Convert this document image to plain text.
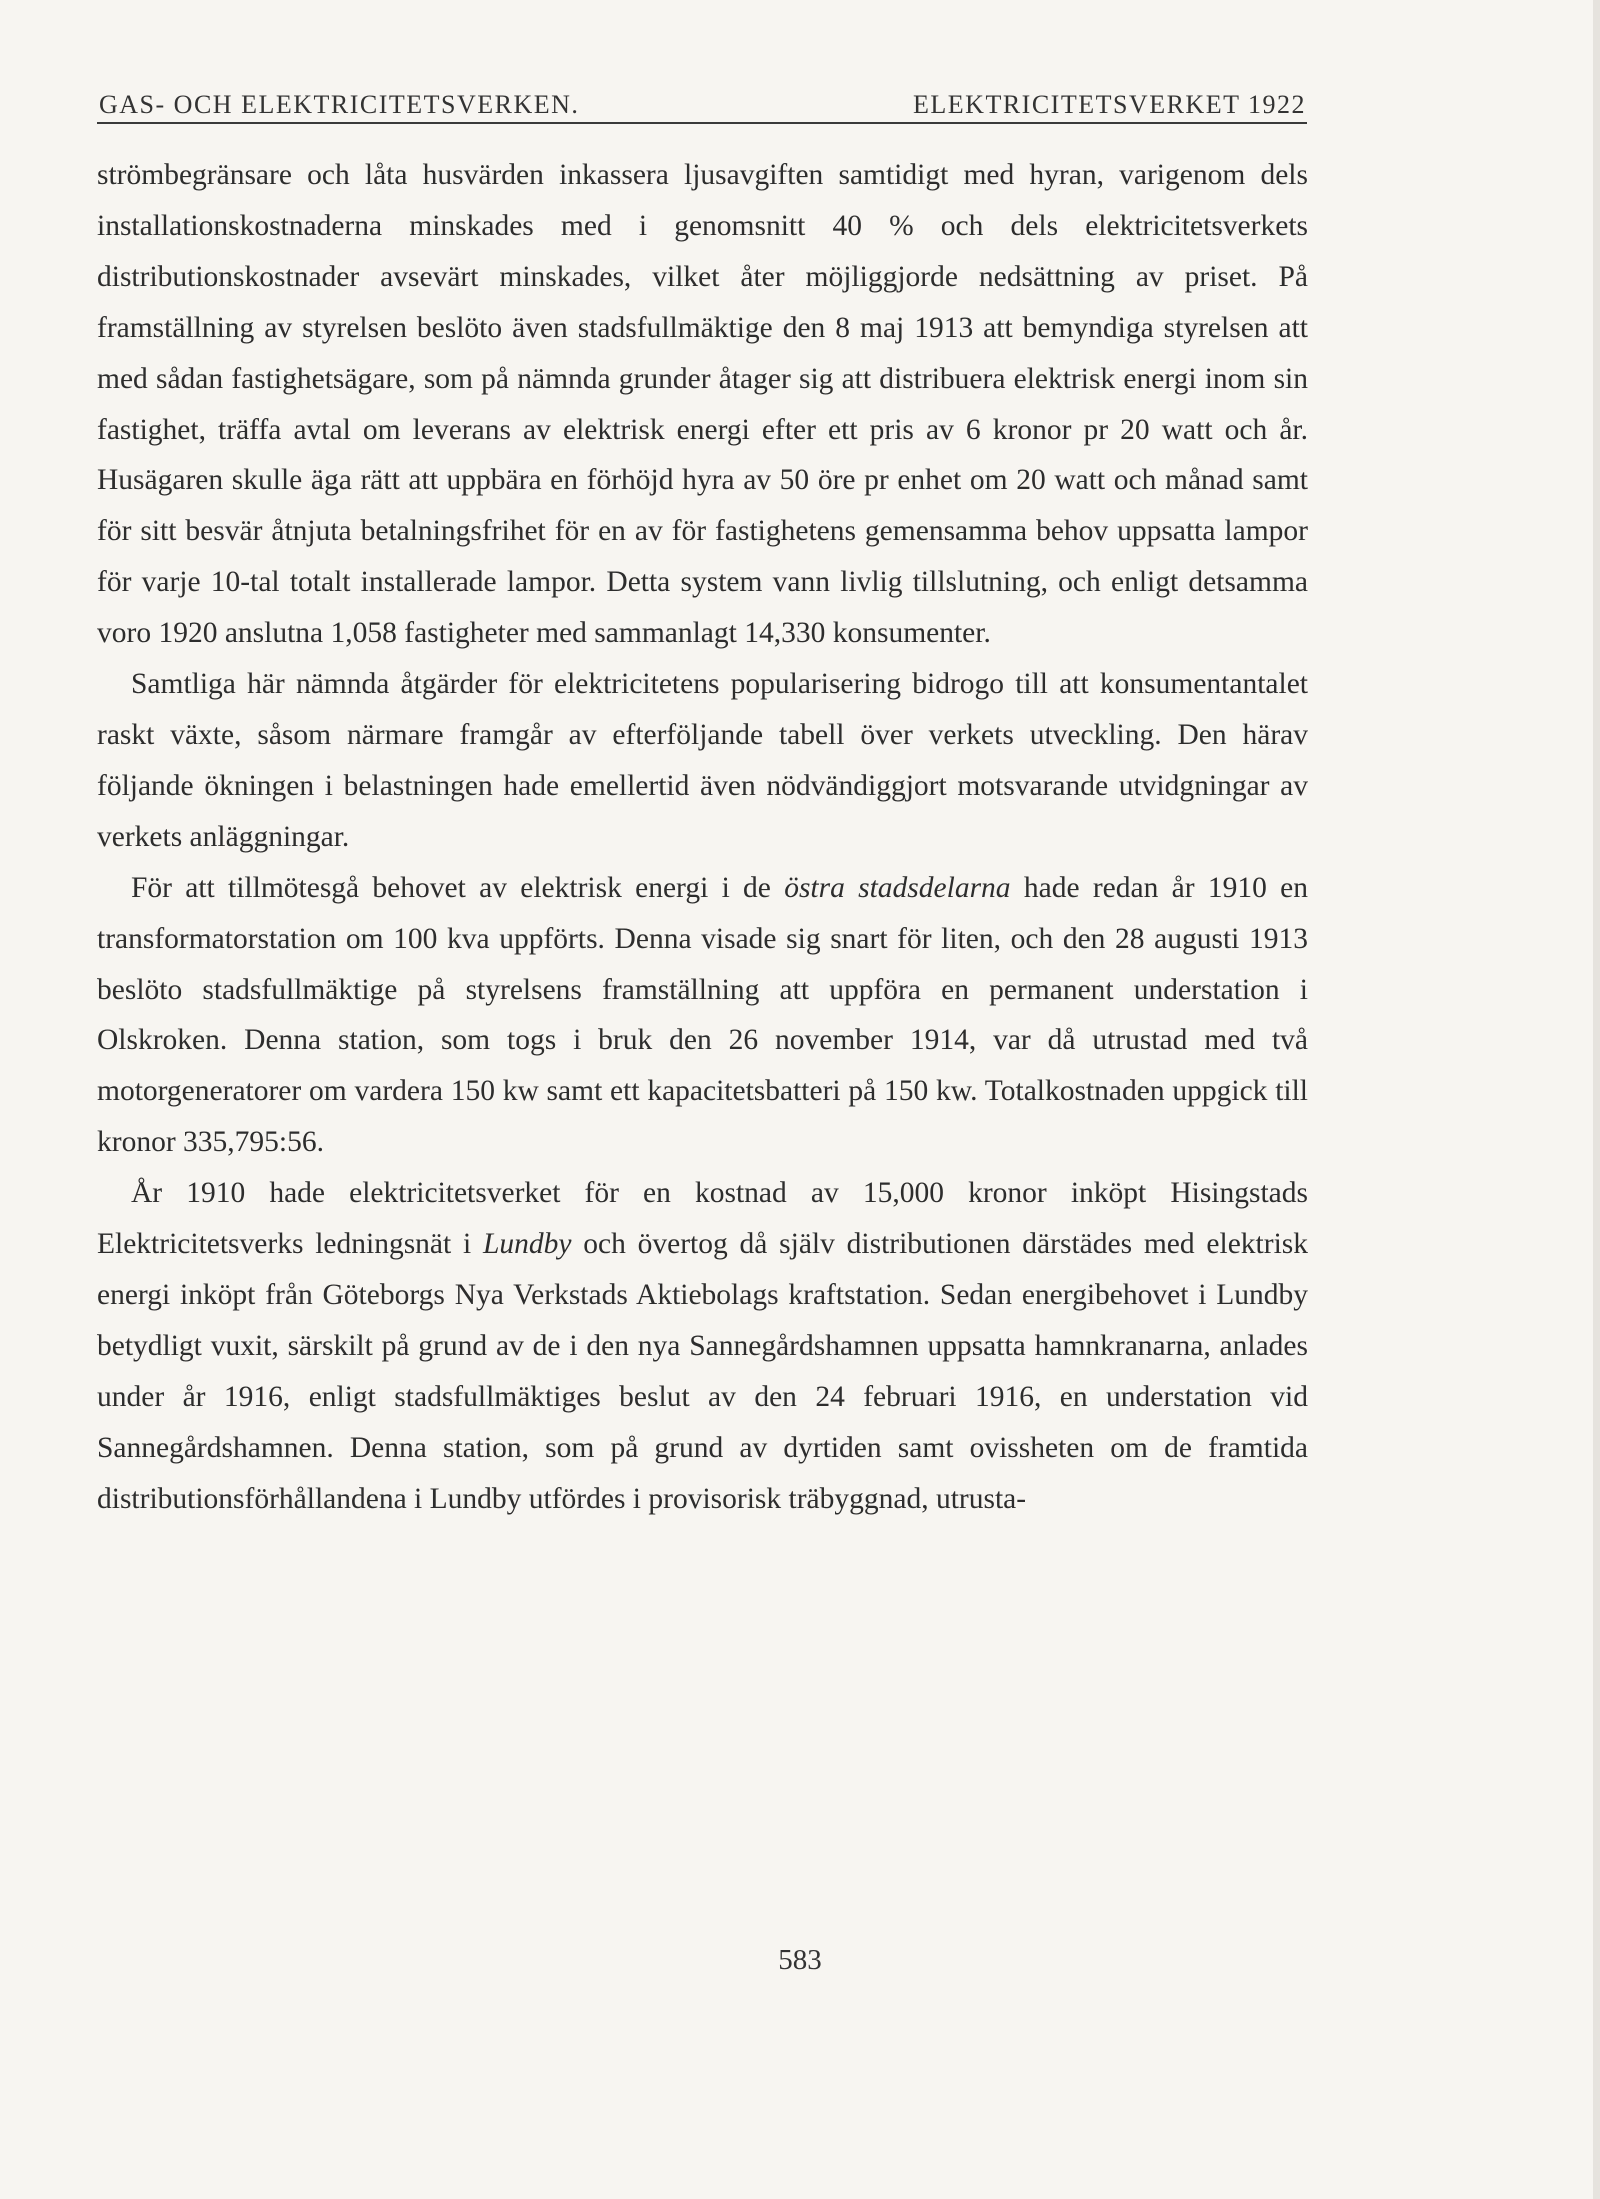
GAS- OCH ELEKTRICITETSVERKEN.	ELEKTRICITETSVERKET 1922

strömbegränsare och låta husvärden inkassera ljusavgiften samtidigt med hyran, varigenom dels installationskostnaderna minskades med i genomsnitt 40 % och dels elektricitetsverkets distributionskostnader avsevärt minskades, vilket åter möjliggjorde nedsättning av priset. På framställning av styrelsen beslöto även stadsfullmäktige den 8 maj 1913 att bemyndiga styrelsen att med sådan fastighetsägare, som på nämnda grunder åtager sig att distribuera elektrisk energi inom sin fastighet, träffa avtal om leverans av elektrisk energi efter ett pris av 6 kronor pr 20 watt och år. Husägaren skulle äga rätt att uppbära en förhöjd hyra av 50 öre pr enhet om 20 watt och månad samt för sitt besvär åtnjuta betalningsfrihet för en av för fastighetens gemensamma behov uppsatta lampor för varje 10-tal totalt installerade lampor. Detta system vann livlig tillslutning, och enligt detsamma voro 1920 anslutna 1,058 fastigheter med sammanlagt 14,330 konsumenter.

Samtliga här nämnda åtgärder för elektricitetens popularisering bidrogo till att konsumentantalet raskt växte, såsom närmare framgår av efterföljande tabell över verkets utveckling. Den härav följande ökningen i belastningen hade emellertid även nödvändiggjort motsvarande utvidgningar av verkets anläggningar.

För att tillmötesgå behovet av elektrisk energi i de östra stadsdelarna hade redan år 1910 en transformatorstation om 100 kva uppförts. Denna visade sig snart för liten, och den 28 augusti 1913 beslöto stadsfullmäktige på styrelsens framställning att uppföra en permanent understation i Olskroken. Denna station, som togs i bruk den 26 november 1914, var då utrustad med två motorgeneratorer om vardera 150 kw samt ett kapacitetsbatteri på 150 kw. Totalkostnaden uppgick till kronor 335,795:56.

År 1910 hade elektricitetsverket för en kostnad av 15,000 kronor inköpt Hisingstads Elektricitetsverks ledningsnät i Lundby och övertog då själv distributionen därstädes med elektrisk energi inköpt från Göteborgs Nya Verkstads Aktiebolags kraftstation. Sedan energibehovet i Lundby betydligt vuxit, särskilt på grund av de i den nya Sannegårdshamnen uppsatta hamnkranarna, anlades under år 1916, enligt stadsfullmäktiges beslut av den 24 februari 1916, en understation vid Sannegårdshamnen. Denna station, som på grund av dyrtiden samt ovissheten om de framtida distributionsförhållandena i Lundby utfördes i provisorisk träbyggnad, utrusta-

583
